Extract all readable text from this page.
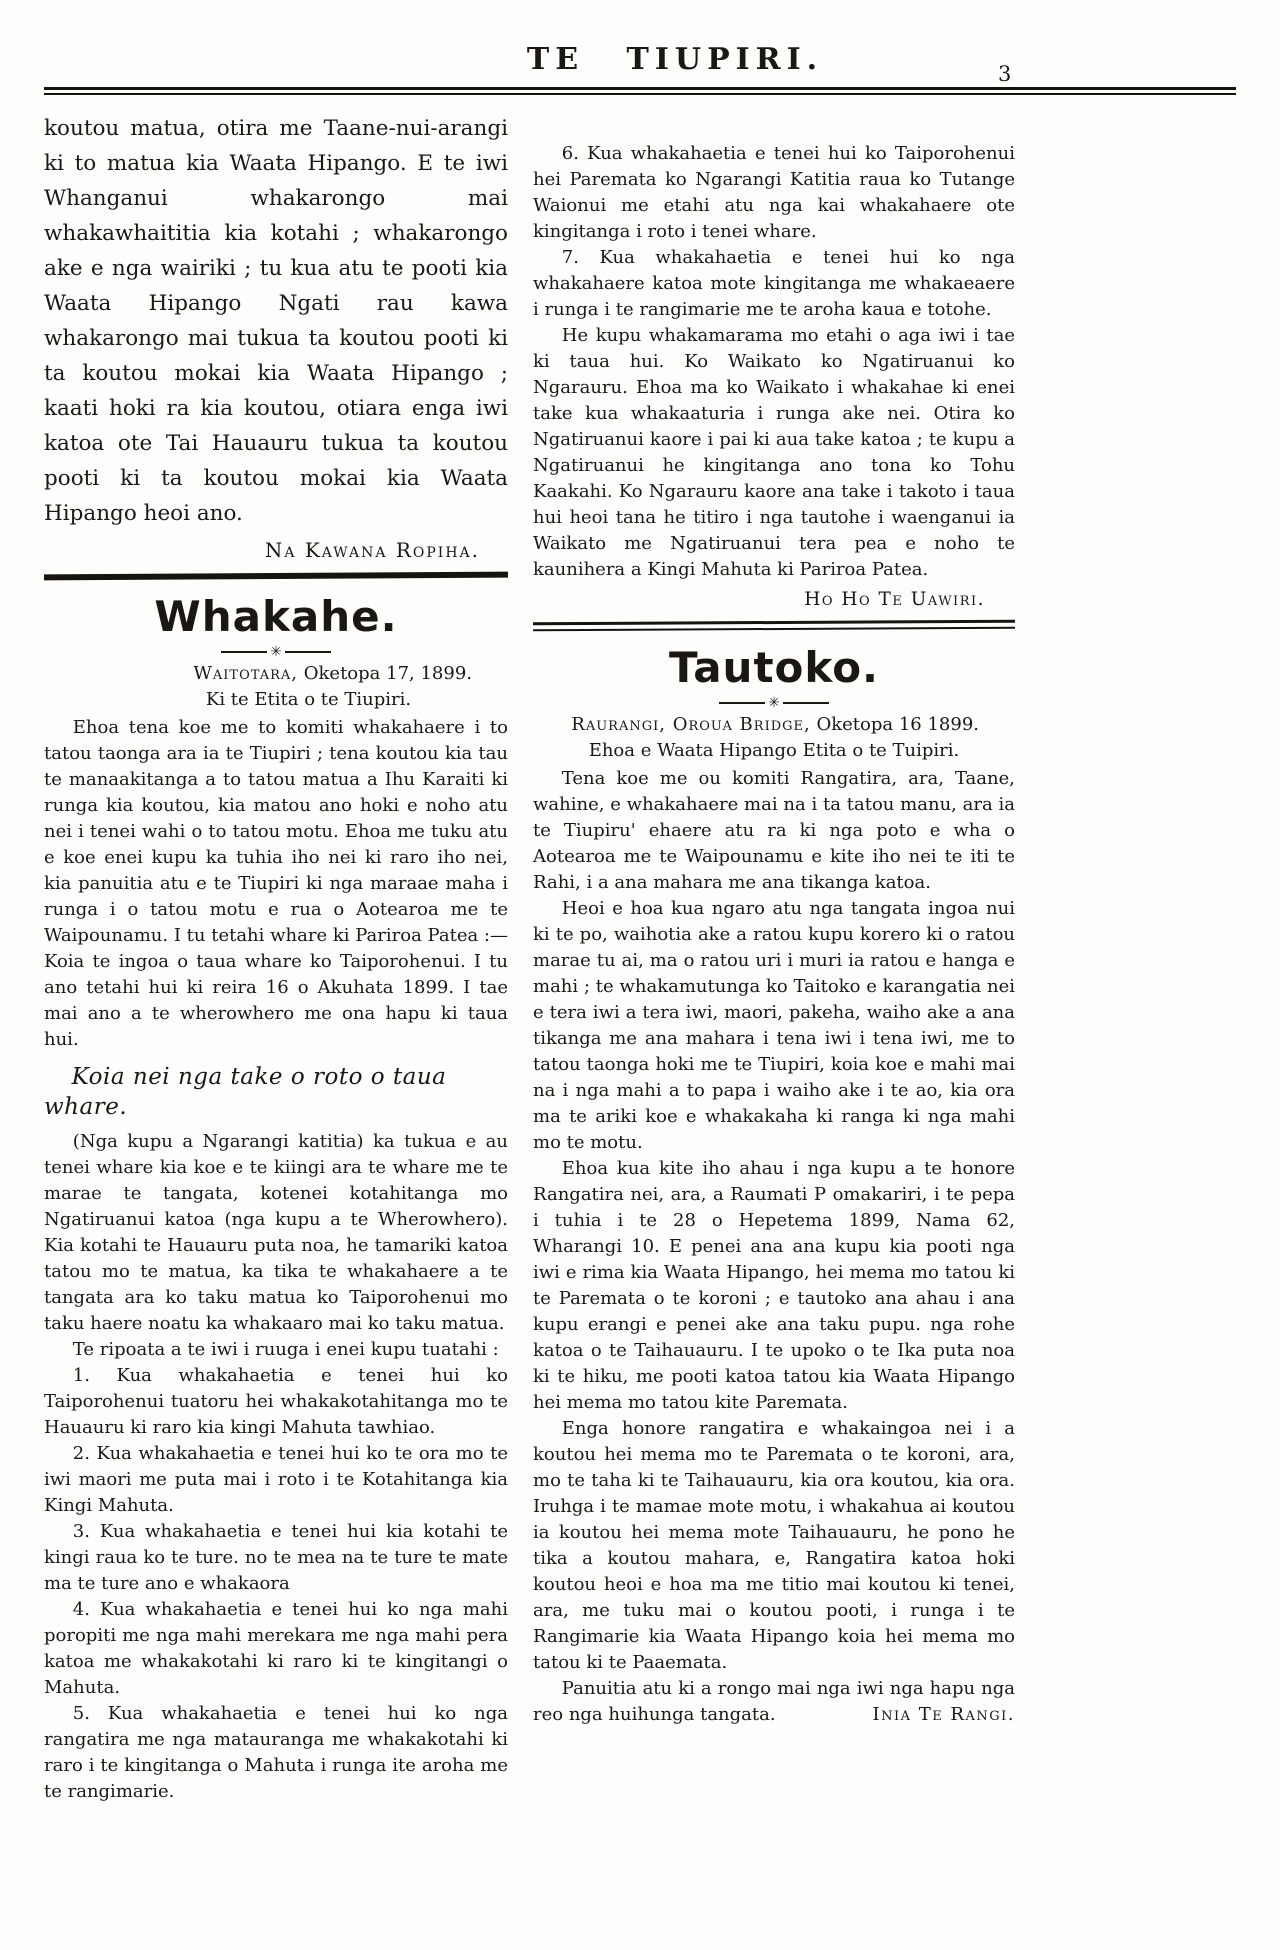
TE TIUPIRI.	3

koutou matua, otira me Taane-nui-arangi ki to matua kia Waata Hipango. E te iwi Whanganui whakarongo mai whakawhaititia kia kotahi ; whakarongo ake e nga wairiki ; tu kua atu te pooti kia Waata Hipango Ngati rau kawa whakarongo mai tukua ta koutou pooti ki ta koutou mokai kia Waata Hipango ; kaati hoki ra kia koutou, otiara enga iwi katoa ote Tai Hauauru tukua ta koutou pooti ki ta koutou mokai kia Waata Hipango heoi ano.

Na Kawana Ropiha.

Whakahe.
✳

Waitotara, Oketopa 17, 1899.

Ki te Etita o te Tiupiri.

Ehoa tena koe me to komiti whakahaere i to tatou taonga ara ia te Tiupiri ; tena koutou kia tau te manaakitanga a to tatou matua a Ihu Karaiti ki runga kia koutou, kia matou ano hoki e noho atu nei i tenei wahi o to tatou motu. Ehoa me tuku atu e koe enei kupu ka tuhia iho nei ki raro iho nei, kia panuitia atu e te Tiupiri ki nga maraae maha i runga i o tatou motu e rua o Aotearoa me te Waipounamu. I tu tetahi whare ki Pariroa Patea :—Koia te ingoa o taua whare ko Taiporohenui. I tu ano tetahi hui ki reira 16 o Akuhata 1899. I tae mai ano a te wherowhero me ona hapu ki taua hui.

Koia nei nga take o roto o taua whare.

(Nga kupu a Ngarangi katitia) ka tukua e au tenei whare kia koe e te kiingi ara te whare me te marae te tangata, kotenei kotahitanga mo Ngatiruanui katoa (nga kupu a te Wherowhero). Kia kotahi te Hauauru puta noa, he tamariki katoa tatou mo te matua, ka tika te whakahaere a te tangata ara ko taku matua ko Taiporohenui mo taku haere noatu ka whakaaro mai ko taku matua.

Te ripoata a te iwi i ruuga i enei kupu tuatahi :

1. Kua whakahaetia e tenei hui ko Taiporohenui tuatoru hei whakakotahitanga mo te Hauauru ki raro kia kingi Mahuta tawhiao.

2. Kua whakahaetia e tenei hui ko te ora mo te iwi maori me puta mai i roto i te Kotahitanga kia Kingi Mahuta.

3. Kua whakahaetia e tenei hui kia kotahi te kingi raua ko te ture. no te mea na te ture te mate ma te ture ano e whakaora

4. Kua whakahaetia e tenei hui ko nga mahi poropiti me nga mahi merekara me nga mahi pera katoa me whakakotahi ki raro ki te kingitangi o Mahuta.

5. Kua whakahaetia e tenei hui ko nga rangatira me nga matauranga me whakakotahi ki raro i te kingitanga o Mahuta i runga ite aroha me te rangimarie.

6. Kua whakahaetia e tenei hui ko Taiporohenui hei Paremata ko Ngarangi Katitia raua ko Tutange Waionui me etahi atu nga kai whakahaere ote kingitanga i roto i tenei whare.

7. Kua whakahaetia e tenei hui ko nga whakahaere katoa mote kingitanga me whakaeaere i runga i te rangimarie me te aroha kaua e totohe.

He kupu whakamarama mo etahi o aga iwi i tae ki taua hui. Ko Waikato ko Ngatiruanui ko Ngarauru. Ehoa ma ko Waikato i whakahae ki enei take kua whakaaturia i runga ake nei. Otira ko Ngatiruanui kaore i pai ki aua take katoa ; te kupu a Ngatiruanui he kingitanga ano tona ko Tohu Kaakahi. Ko Ngarauru kaore ana take i takoto i taua hui heoi tana he titiro i nga tautohe i waenganui ia Waikato me Ngatiruanui tera pea e noho te kaunihera a Kingi Mahuta ki Pariroa Patea.

Ho Ho Te Uawiri.

Tautoko.
✳

Raurangi, Oroua Bridge, Oketopa 16 1899.

Ehoa e Waata Hipango Etita o te Tuipiri.

Tena koe me ou komiti Rangatira, ara, Taane, wahine, e whakahaere mai na i ta tatou manu, ara ia te Tiupiru' ehaere atu ra ki nga poto e wha o Aotearoa me te Waipounamu e kite iho nei te iti te Rahi, i a ana mahara me ana tikanga katoa.

Heoi e hoa kua ngaro atu nga tangata ingoa nui ki te po, waihotia ake a ratou kupu korero ki o ratou marae tu ai, ma o ratou uri i muri ia ratou e hanga e mahi ; te whakamutunga ko Taitoko e karangatia nei e tera iwi a tera iwi, maori, pakeha, waiho ake a ana tikanga me ana mahara i tena iwi i tena iwi, me to tatou taonga hoki me te Tiupiri, koia koe e mahi mai na i nga mahi a to papa i waiho ake i te ao, kia ora ma te ariki koe e whakakaha ki ranga ki nga mahi mo te motu.

Ehoa kua kite iho ahau i nga kupu a te honore Rangatira nei, ara, a Raumati P omakariri, i te pepa i tuhia i te 28 o Hepetema 1899, Nama 62, Wharangi 10. E penei ana ana kupu kia pooti nga iwi e rima kia Waata Hipango, hei mema mo tatou ki te Paremata o te koroni ; e tautoko ana ahau i ana kupu erangi e penei ake ana taku pupu. nga rohe katoa o te Taihauauru. I te upoko o te Ika puta noa ki te hiku, me pooti katoa tatou kia Waata Hipango hei mema mo tatou kite Paremata.

Enga honore rangatira e whakaingoa nei i a koutou hei mema mo te Paremata o te koroni, ara, mo te taha ki te Taihauauru, kia ora koutou, kia ora. Iruhga i te mamae mote motu, i whakahua ai koutou ia koutou hei mema mote Taihauauru, he pono he tika a koutou mahara, e, Rangatira katoa hoki koutou heoi e hoa ma me titio mai koutou ki tenei, ara, me tuku mai o koutou pooti, i runga i te Rangimarie kia Waata Hipango koia hei mema mo tatou ki te Paaemata.

Panuitia atu ki a rongo mai nga iwi nga hapu nga reo nga huihunga tangata.	Inia Te Rangi.
